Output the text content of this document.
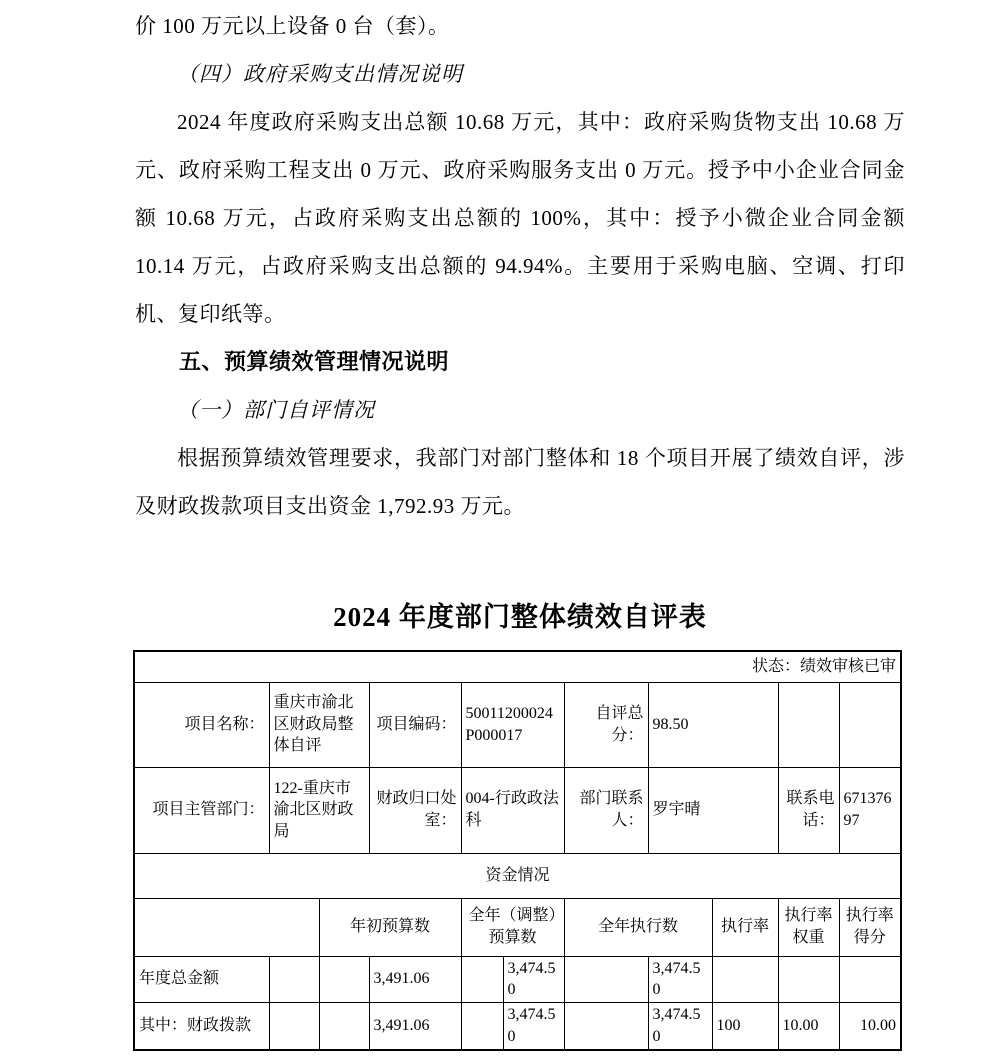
价 100 万元以上设备 0 台（套）。

（四）政府采购支出情况说明

2024 年度政府采购支出总额 10.68 万元，其中：政府采购货物支出 10.68 万元、政府采购工程支出 0 万元、政府采购服务支出 0 万元。授予中小企业合同金额 10.68 万元，占政府采购支出总额的 100%，其中：授予小微企业合同金额 10.14 万元，占政府采购支出总额的 94.94%。主要用于采购电脑、空调、打印机、复印纸等。

五、预算绩效管理情况说明

（一）部门自评情况

根据预算绩效管理要求，我部门对部门整体和 18 个项目开展了绩效自评，涉及财政拨款项目支出资金 1,792.93 万元。

2024 年度部门整体绩效自评表
状态：绩效审核已审										
项目名称：	重庆市渝北区财政局整体自评		项目编码：	50011200024P000017		自评总分：	98.50			
项目主管部门：	122-重庆市渝北区财政局		财政归口处室：	004-行政政法科		部门联系人：	罗宇晴		联系电话：	67137697
资金情况										
		年初预算数		全年（调整）预算数		全年执行数		执行率	执行率权重	执行率得分
年度总金额			3,491.06		3,474.50		3,474.50			
其中：财政拨款			3,491.06		3,474.50		3,474.50	100	10.00	10.00
